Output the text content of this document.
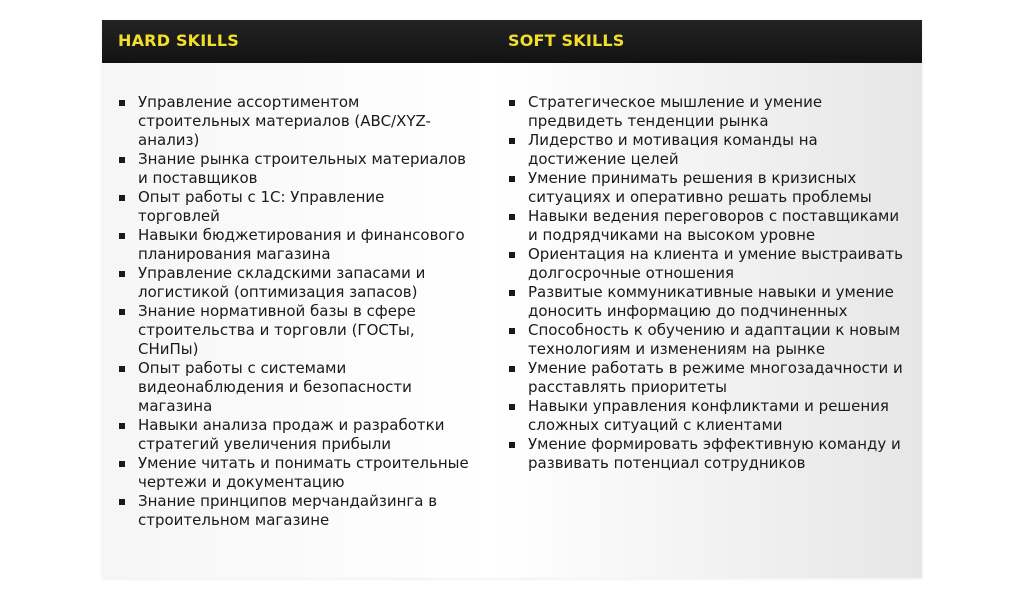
HARD SKILLS	SOFT SKILLS
Управление ассортиментом строительных материалов (ABC/XYZ-анализ)
Знание рынка строительных материалов и поставщиков
Опыт работы с 1С: Управление торговлей
Навыки бюджетирования и финансового планирования магазина
Управление складскими запасами и логистикой (оптимизация запасов)
Знание нормативной базы в сфере строительства и торговли (ГОСТы, СНиПы)
Опыт работы с системами видеонаблюдения и безопасности магазина
Навыки анализа продаж и разработки стратегий увеличения прибыли
Умение читать и понимать строительные чертежи и документацию
Знание принципов мерчандайзинга в строительном магазине
Стратегическое мышление и умение предвидеть тенденции рынка
Лидерство и мотивация команды на достижение целей
Умение принимать решения в кризисных ситуациях и оперативно решать проблемы
Навыки ведения переговоров с поставщиками и подрядчиками на высоком уровне
Ориентация на клиента и умение выстраивать долгосрочные отношения
Развитые коммуникативные навыки и умение доносить информацию до подчиненных
Способность к обучению и адаптации к новым технологиям и изменениям на рынке
Умение работать в режиме многозадачности и расставлять приоритеты
Навыки управления конфликтами и решения сложных ситуаций с клиентами
Умение формировать эффективную команду и развивать потенциал сотрудников
